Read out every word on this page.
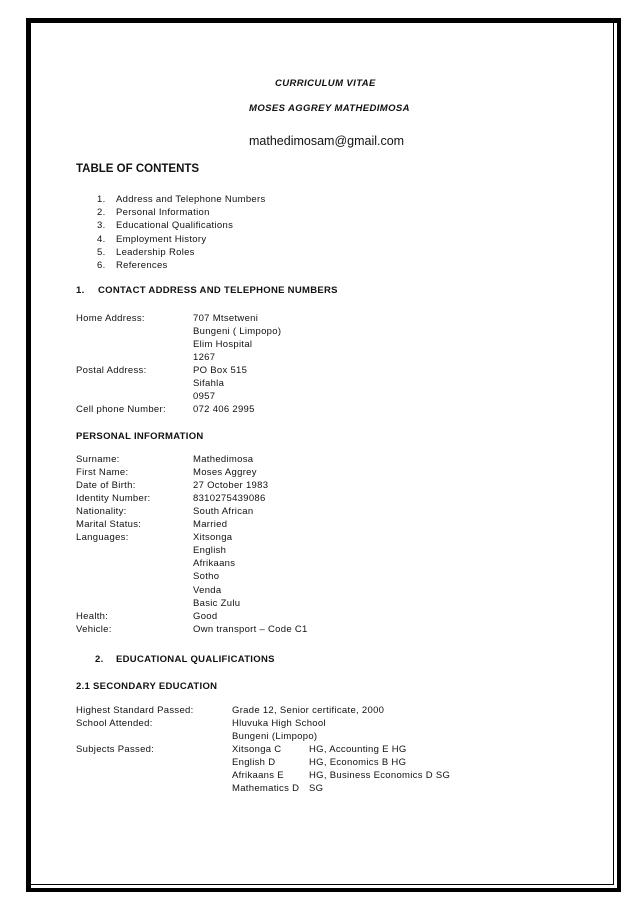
CURRICULUM VITAE
MOSES AGGREY MATHEDIMOSA
mathedimosam@gmail.com
TABLE OF CONTENTS
1. Address and Telephone Numbers
2. Personal Information
3. Educational Qualifications
4. Employment History
5. Leadership Roles
6. References
1. CONTACT ADDRESS AND TELEPHONE NUMBERS
Home Address:	707 Mtsetweni
Bungeni ( Limpopo)
Elim Hospital
1267
Postal Address:	PO Box 515
Sifahla
0957
Cell phone Number:	072 406 2995
PERSONAL INFORMATION
Surname:	Mathedimosa
First Name:	Moses Aggrey
Date of Birth:	27 October 1983
Identity Number:	8310275439086
Nationality:	South African
Marital Status:	Married
Languages:	Xitsonga
English
Afrikaans
Sotho
Venda
Basic Zulu
Health:	Good
Vehicle:	Own transport – Code C1
2. EDUCATIONAL QUALIFICATIONS
2.1 SECONDARY EDUCATION
Highest Standard Passed:	Grade 12, Senior certificate, 2000
School Attended:	Hluvuka High School
Bungeni (Limpopo)
Subjects Passed:	Xitsonga C	HG, Accounting E HG
English D	HG, Economics B HG
Afrikaans E	HG, Business Economics D SG
Mathematics D SG
